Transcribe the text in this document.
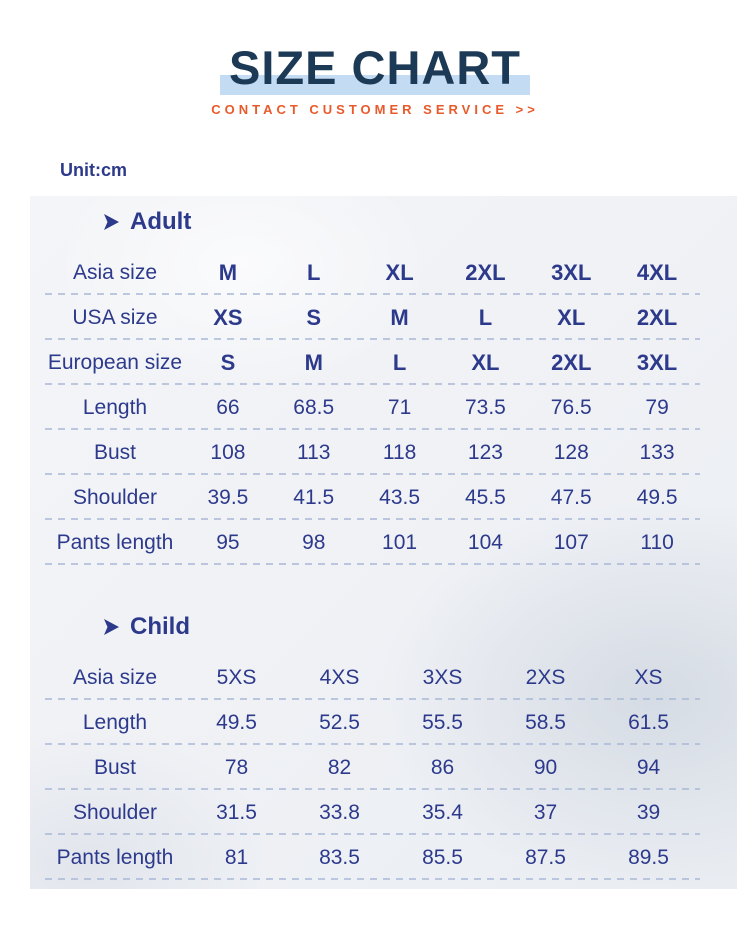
SIZE CHART
CONTACT CUSTOMER SERVICE >>
Unit:cm
Adult
Asia size	M	L	XL	2XL	3XL	4XL
USA size	XS	S	M	L	XL	2XL
European size	S	M	L	XL	2XL	3XL
Length	66	68.5	71	73.5	76.5	79
Bust	108	113	118	123	128	133
Shoulder	39.5	41.5	43.5	45.5	47.5	49.5
Pants length	95	98	101	104	107	110
Child
Asia size	5XS	4XS	3XS	2XS	XS
Length	49.5	52.5	55.5	58.5	61.5
Bust	78	82	86	90	94
Shoulder	31.5	33.8	35.4	37	39
Pants length	81	83.5	85.5	87.5	89.5
